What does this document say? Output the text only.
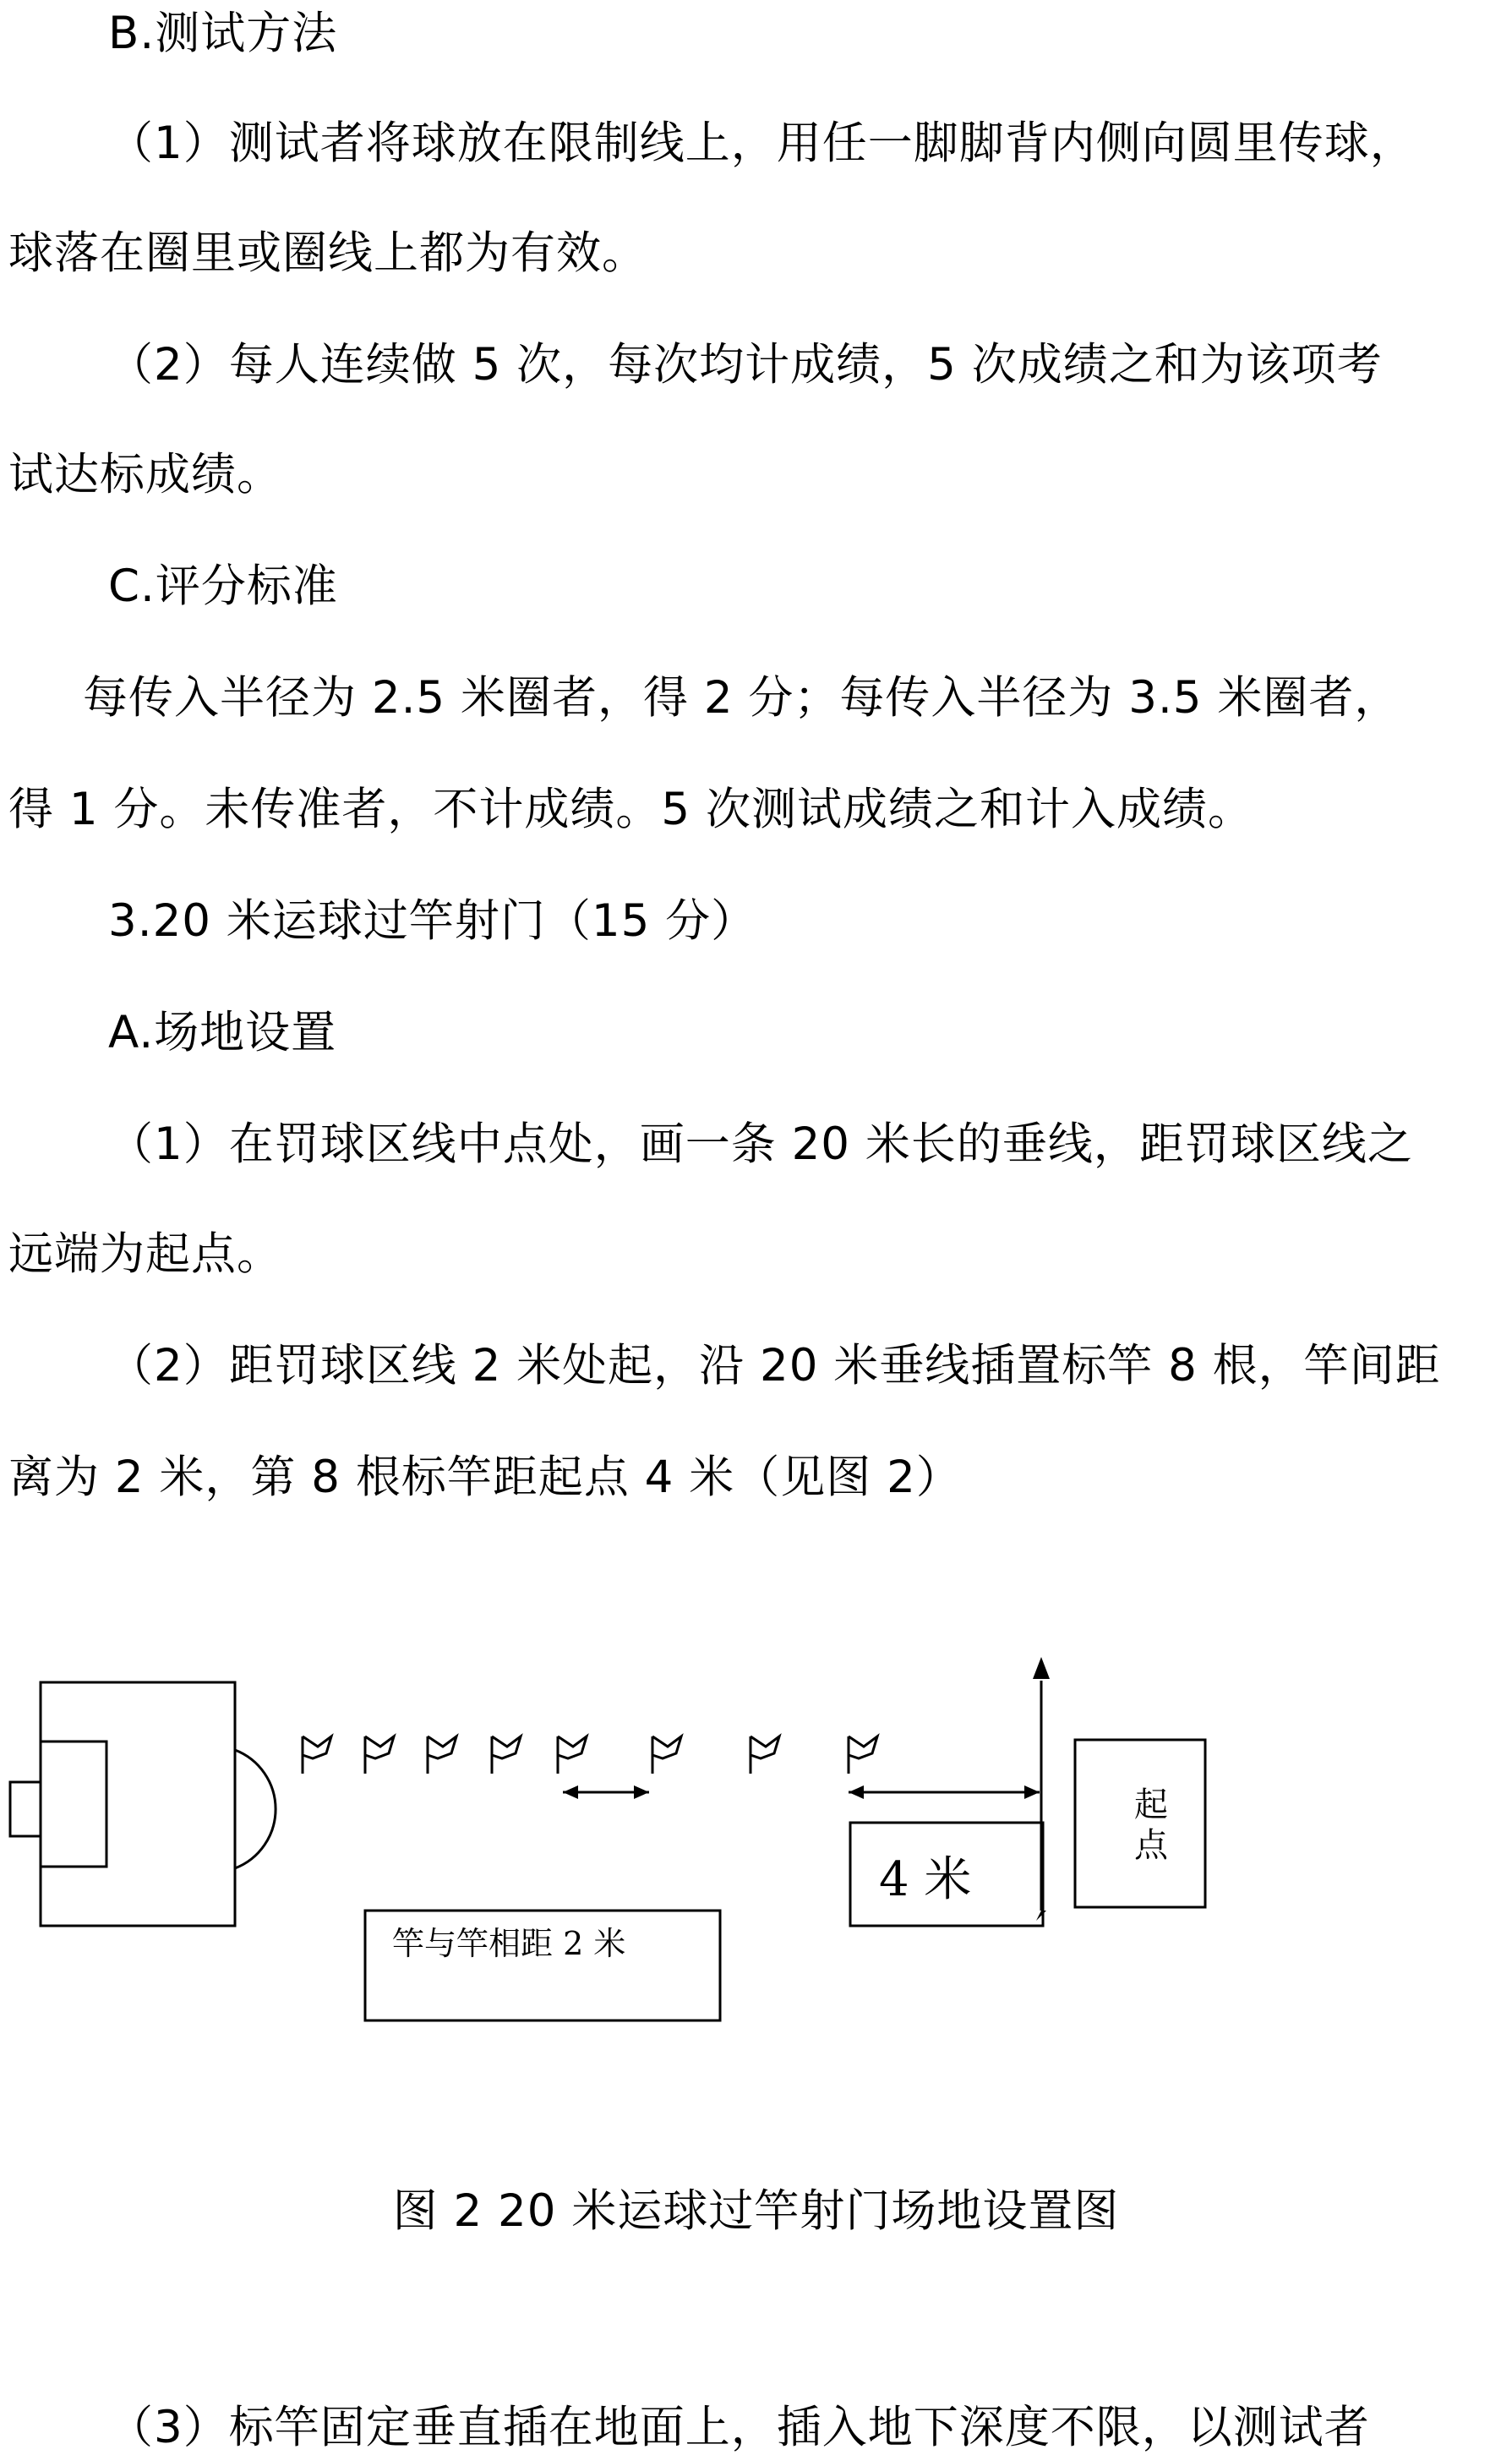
B.测试方法
（1）测试者将球放在限制线上，用任一脚脚背内侧向圆里传球，
球落在圈里或圈线上都为有效。
（2）每人连续做 5 次，每次均计成绩，5 次成绩之和为该项考
试达标成绩。
C.评分标准
每传入半径为 2.5 米圈者，得 2 分；每传入半径为 3.5 米圈者，
得 1 分。未传准者，不计成绩。5 次测试成绩之和计入成绩。
3.20 米运球过竿射门（15 分）
A.场地设置
（1）在罚球区线中点处，画一条 20 米长的垂线，距罚球区线之
远端为起点。
（2）距罚球区线 2 米处起，沿 20 米垂线插置标竿 8 根，竿间距
离为 2 米，第 8 根标竿距起点 4 米（见图 2）
4 米
竿与竿相距 2 米
起
点
图 2 20 米运球过竿射门场地设置图
（3）标竿固定垂直插在地面上，插入地下深度不限，以测试者
